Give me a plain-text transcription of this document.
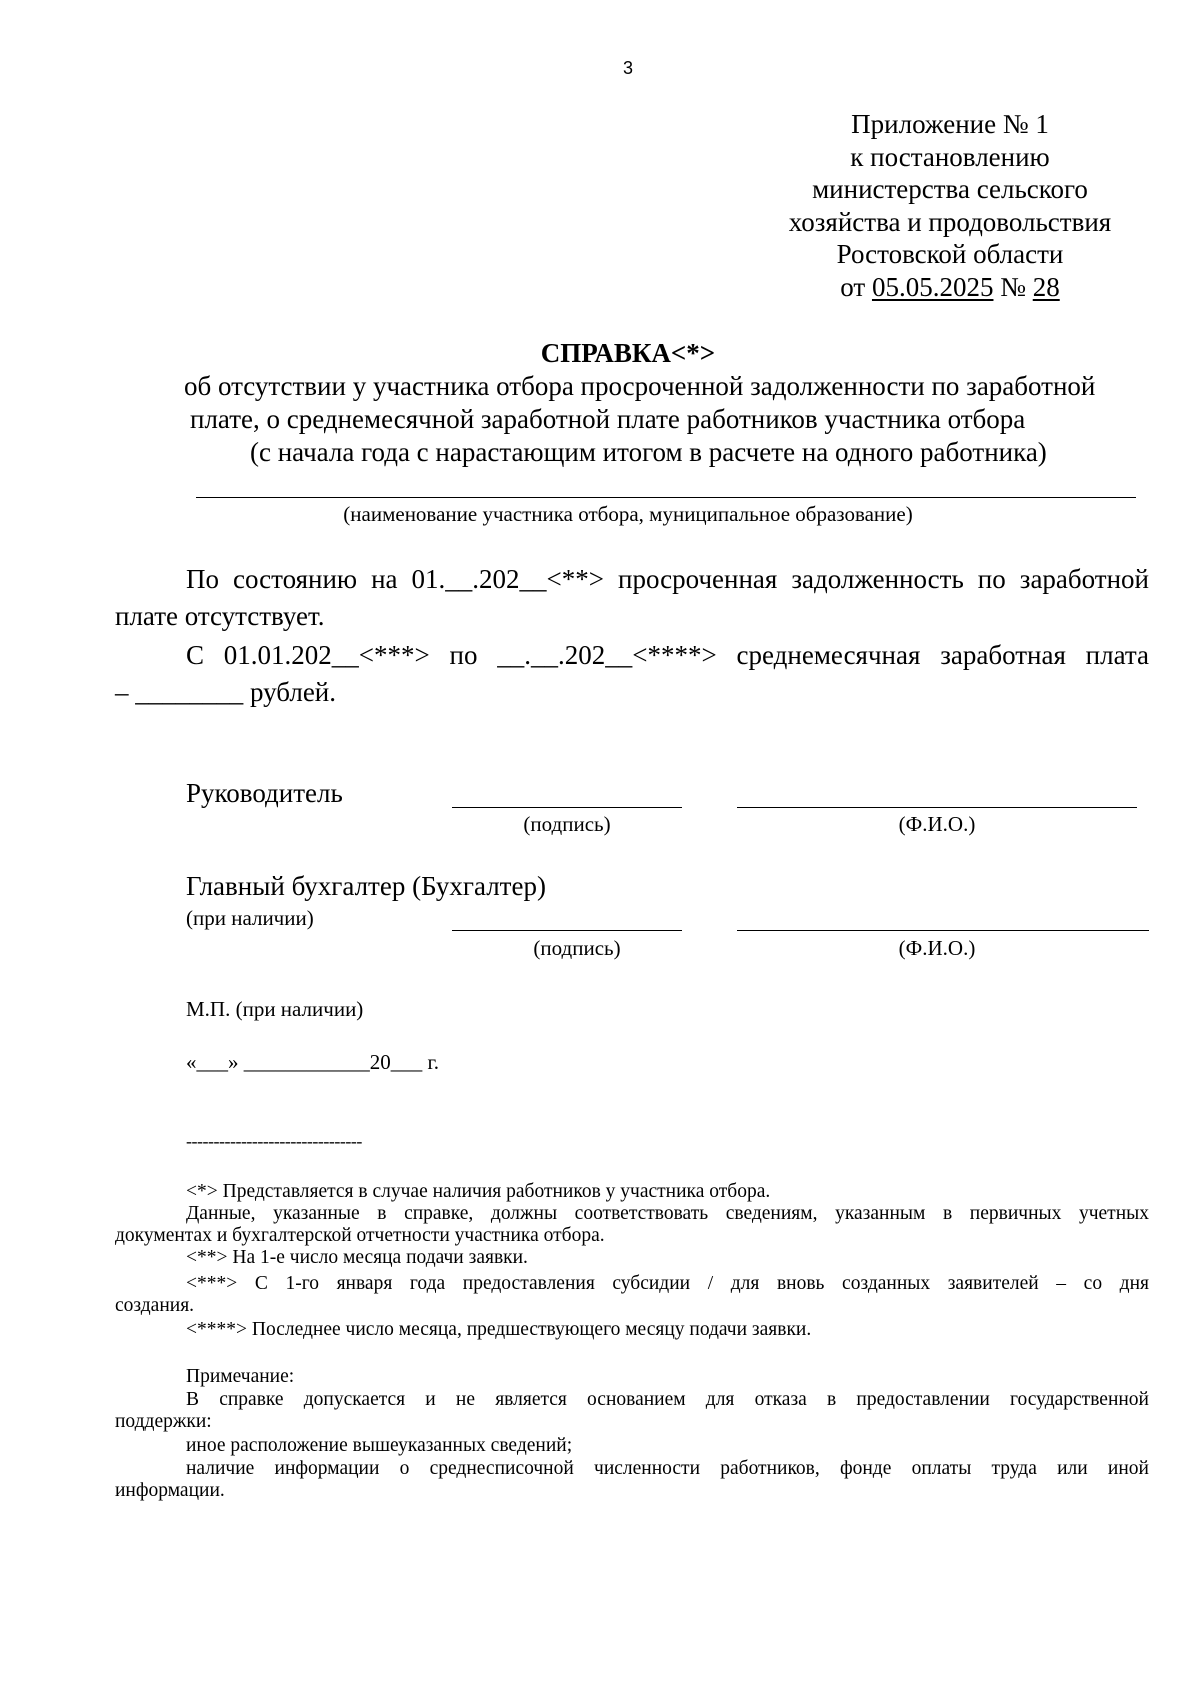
3
Приложение № 1
к постановлению
министерства сельского
хозяйства и продовольствия
Ростовской области
от 05.05.2025 № 28
СПРАВКА<*>
об отсутствии у участника отбора просроченной задолженности по заработной
плате, о среднемесячной заработной плате работников участника отбора
(с начала года с нарастающим итогом в расчете на одного работника)
(наименование участника отбора, муниципальное образование)
По состоянию на 01.__.202__<**> просроченная задолженность по заработной
плате отсутствует.
С 01.01.202__<***> по __.__.202__<****> среднемесячная заработная плата
– ________ рублей.
Руководитель
(подпись)	(Ф.И.О.)
Главный бухгалтер (Бухгалтер)
(при наличии)
(подпись)	(Ф.И.О.)
М.П. (при наличии)
«___» ____________20___ г.
--------------------------------
<*> Представляется в случае наличия работников у участника отбора.
Данные, указанные в справке, должны соответствовать сведениям, указанным в первичных учетных
документах и бухгалтерской отчетности участника отбора.
<**> На 1-е число месяца подачи заявки.
<***> С 1-го января года предоставления субсидии / для вновь созданных заявителей – со дня
создания.
<****> Последнее число месяца, предшествующего месяцу подачи заявки.
Примечание:
В справке допускается и не является основанием для отказа в предоставлении государственной
поддержки:
иное расположение вышеуказанных сведений;
наличие информации о среднесписочной численности работников, фонде оплаты труда или иной
информации.
